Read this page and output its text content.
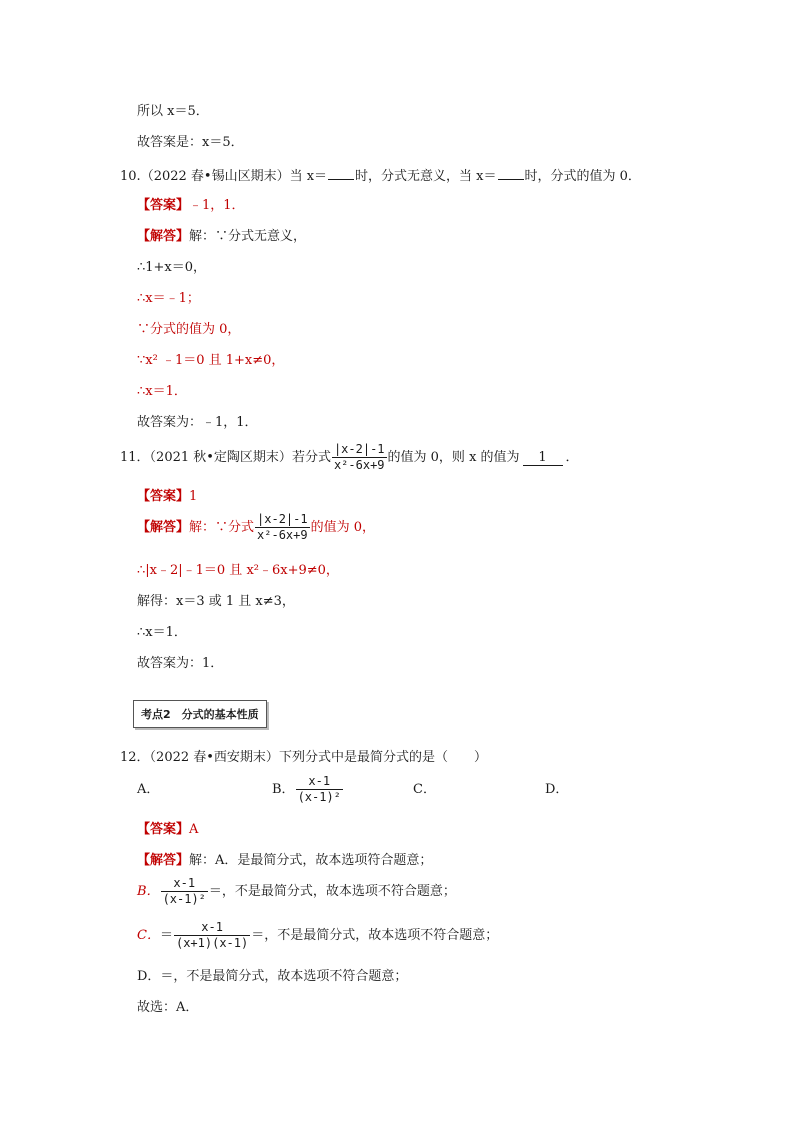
所以 x＝5．
故答案是：x＝5．
10.（2022 春•锡山区期末）当 x＝ 时，分式无意义，当 x＝ 时，分式的值为 0．
【答案】﹣1，1．
【解答】解：∵分式无意义，
∴1+x＝0，
∴x＝﹣1；
∵分式的值为 0，
∵x² ﹣1＝0 且 1+x≠0，
∴x＝1．
故答案为：﹣1，1．
11．（2021 秋•定陶区期末）若分式 $\frac{|x-2|-1}{\text{x²-6x+9}}$ 的值为 0，则 x 的值为 1 ．
【答案】1
【解答】解：∵分式 $\frac{|x-2|-1}{\text{x²-6x+9}}$ 的值为 0，
∴|x﹣2|﹣1＝0 且 x²﹣6x+9≠0，
解得：x＝3 或 1 且 x≠3，
∴x＝1．
故答案为：1．
考点2　分式的基本性质
12．（2022 春•西安期末）下列分式中是最简分式的是（　　）
A．	B． $\frac{x-1}{\text{(x-1)²}}$	C．	D．
【答案】A
【解答】解：A．是最简分式，故本选项符合题意；
B． $\frac{x-1}{\text{(x-1)²}}$ ＝，不是最简分式，故本选项不符合题意；
C．＝ $\frac{x-1}{(x+1)(x-1)}$ ＝，不是最简分式，故本选项不符合题意；
D．＝，不是最简分式，故本选项不符合题意；
故选：A．
